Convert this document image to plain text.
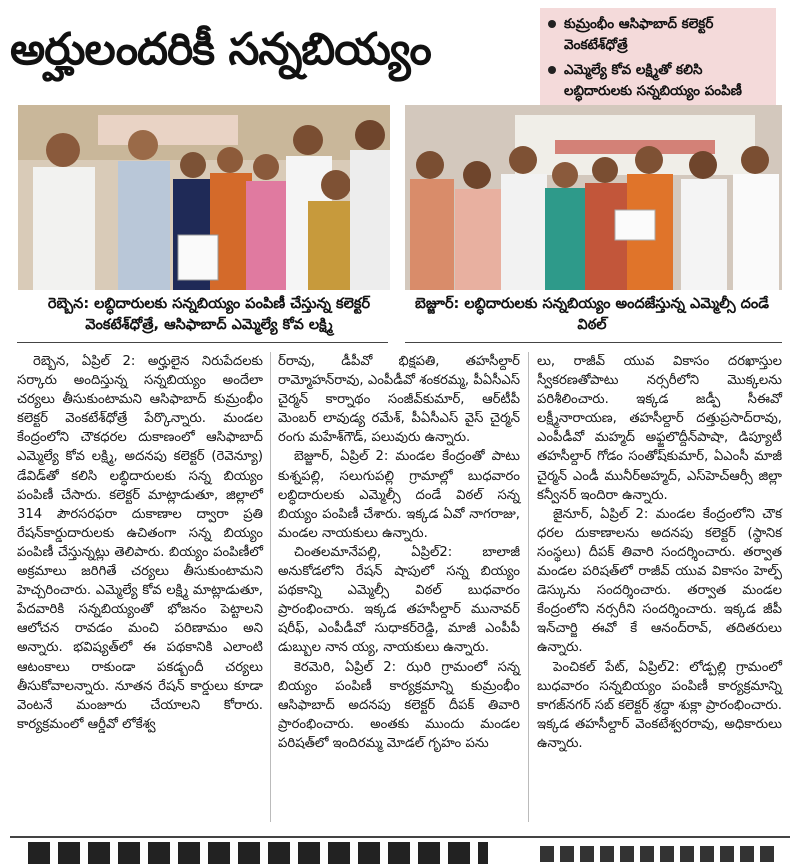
అర్హులందరికీ సన్నబియ్యం	కుమ్రంభీం ఆసిఫాబాద్ కలెక్టర్ వెంకటేశ్‌ధోత్రే
ఎమ్మెల్యే కోవ లక్ష్మితో కలిసి లబ్ధిదారులకు సన్నబియ్యం పంపిణీ
రెబ్బెన: లబ్ధిదారులకు సన్నబియ్యం పంపిణీ చేస్తున్న కలెక్టర్ వెంకటేశ్‌ధోత్రే, ఆసిఫాబాద్ ఎమ్మెల్యే కోవ లక్ష్మి
బెజ్జూర్: లబ్ధిదారులకు సన్నబియ్యం అందజేస్తున్న ఎమ్మెల్సీ దండే విఠల్

రెబ్బెన, ఏప్రిల్ 2: అర్హులైన నిరుపేదలకు సర్కారు అందిస్తున్న సన్నబియ్యం అందేలా చర్యలు తీసుకుంటామని ఆసిఫాబాద్ కుమ్రంభీం కలెక్టర్ వెంకటేశ్‌ధోత్రే పేర్కొన్నారు. మండల కేంద్రంలోని చౌకధరల దుకాణంలో ఆసిఫాబాద్ ఎమ్మెల్యే కోవ లక్ష్మి, అదనపు కలెక్టర్ (రెవెన్యూ) డేవిడ్‌తో కలిసి లబ్ధిదారులకు సన్న బియ్యం పంపిణీ చేసారు. కలెక్టర్ మాట్లాడుతూ, జిల్లాలో 314 పౌరసరఫరా దుకాణాల ద్వారా ప్రతి రేషన్‌కార్డుదారులకు ఉచితంగా సన్న బియ్యం పంపిణీ చేస్తున్నట్లు తెలిపారు. బియ్యం పంపిణీలో అక్రమాలు జరిగితే చర్యలు తీసుకుంటామని హెచ్చరించారు. ఎమ్మెల్యే కోవ లక్ష్మి మాట్లాడుతూ, పేదవారికి సన్నబియ్యంతో భోజనం పెట్టాలని ఆలోచన రావడం మంచి పరిణామం అని అన్నారు. భవిష్యత్‌లో ఈ పథకానికి ఎలాంటి ఆటంకాలు రాకుండా పకడ్బందీ చర్యలు తీసుకోవాలన్నారు. నూతన రేషన్ కార్డులు కూడా వెంటనే మంజూరు చేయాలని కోరారు. కార్యక్రమంలో ఆర్డీవో లోకేశ్వ

ర్‌రావు, డీపీవో భిక్షపతి, తహసీల్దార్ రామ్మోహన్‌రావు, ఎంపీడీవో శంకరమ్మ, పీఏసీఎస్ చైర్మన్ కార్నాథం సంజీవ్‌కుమార్, ఆర్‌టీపీ మెంబర్ లావుడ్య రమేశ్, పీఏసీఎస్ వైస్ చైర్మన్ రంగు మహేశ్‌గౌడ్, పలువురు ఉన్నారు.

బెజ్జూర్, ఏప్రిల్ 2: మండల కేంద్రంతో పాటు కుశ్నపల్లి, సలుగుపల్లి గ్రామాల్లో బుధవారం లబ్ధిదారులకు ఎమ్మెల్సీ దండే విఠల్ సన్న బియ్యం పంపిణీ చేశారు. ఇక్కడ ఏవో నాగరాజు, మండల నాయకులు ఉన్నారు.

చింతలమానేపల్లి, ఏప్రిల్2: బాలాజీ అనుకోడలోని రేషన్ షాపులో సన్న బియ్యం పథకాన్ని ఎమ్మెల్సీ విఠల్ బుధవారం ప్రారంభించారు. ఇక్కడ తహసీల్దార్ మునావర్ షరీఫ్, ఎంపీడీవో సుధాకర్‌రెడ్డి, మాజీ ఎంపీపీ డుబ్బుల నాన య్య, నాయకులు ఉన్నారు.

కెరమెరి, ఏప్రిల్ 2: ఝరి గ్రామంలో సన్న బియ్యం పంపిణీ కార్యక్రమాన్ని కుమ్రంభీం ఆసిఫాబాద్ అదనపు కలెక్టర్ దీపక్ తివారి ప్రారంభించారు. అంతకు ముందు మండల పరిషత్‌లో ఇందిరమ్మ మోడల్ గృహం పను

లు, రాజీవ్ యువ వికాసం దరఖాస్తుల స్వీకరణతోపాటు నర్సరీలోని మొక్కలను పరిశీలించారు. ఇక్కడ జడ్పీ సీఈవో లక్ష్మీనారాయణ, తహసీల్దార్ దత్తుప్రసాద్‌రావు, ఎంపీడీవో మహ్మద్ అఫ్జలొద్దీన్‌పాషా, డిప్యూటీ తహసీల్దార్ గోడం సంతోష్‌కుమార్, ఏఎంసీ మాజీ చైర్మన్ ఎండీ మునీర్‌అహ్మద్, ఎస్‌హెచ్‌ఆర్సీ జిల్లా కన్వీనర్ ఇందిరా ఉన్నారు.

జైనూర్, ఏప్రిల్ 2: మండల కేంద్రంలోని చౌక ధరల దుకాణాలను అదనపు కలెక్టర్ (స్థానిక సంస్థలు) దీపక్ తివారి సందర్శించారు. తర్వాత మండల పరిషత్‌లో రాజీవ్ యువ వికాసం హెల్ప్ డెస్కును సందర్శించారు. తర్వాత మండల కేంద్రంలోని నర్సరీని సందర్శించారు. ఇక్కడ జీపీ ఇన్‌చార్జి ఈవో కే ఆనంద్‌రావ్, తదితరులు ఉన్నారు.

పెంచికల్ పేట్, ఏప్రిల్2: లోడ్పల్లి గ్రామంలో బుధవారం సన్నబియ్యం పంపిణీ కార్యక్రమాన్ని కాగజ్‌నగర్ సబ్ కలెక్టర్ శ్రద్ధా శుక్లా ప్రారంభించారు. ఇక్కడ తహసీల్దార్ వెంకటేశ్వరరావు, అధికారులు ఉన్నారు.
